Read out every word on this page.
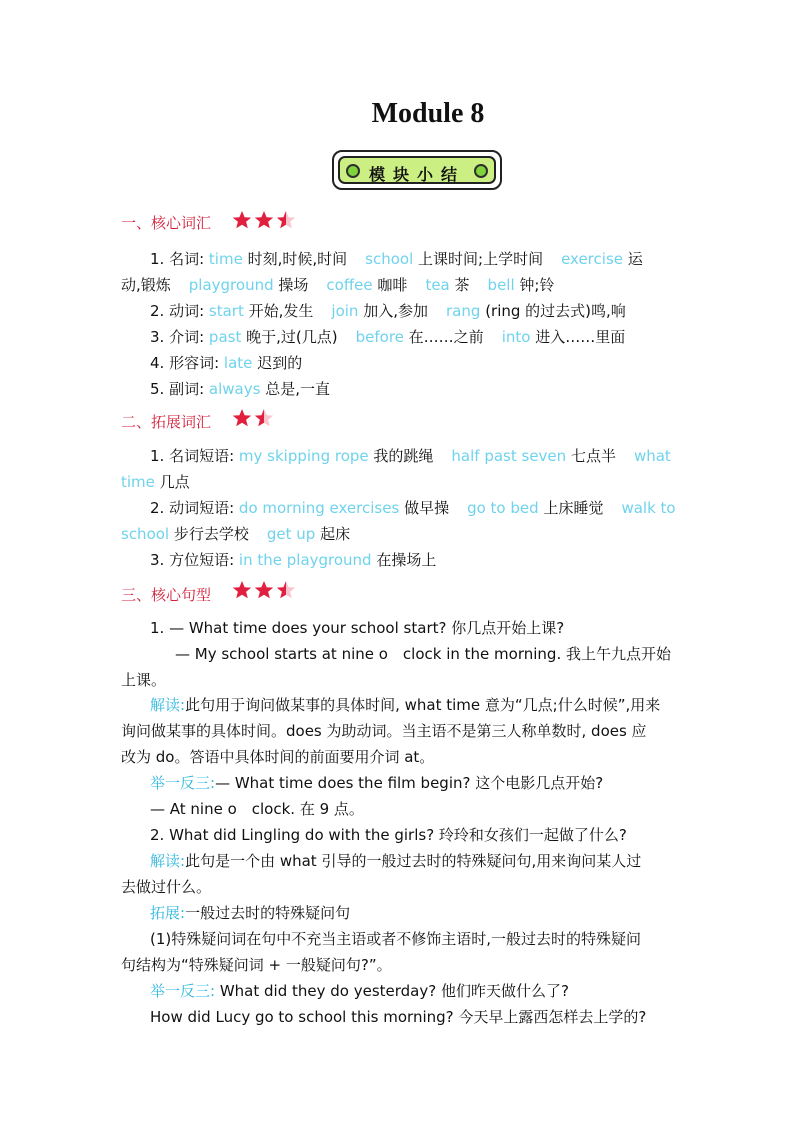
Module 8
模块小结
一、核心词汇
1. 名词: time 时刻,时候,时间 school 上课时间;上学时间 exercise 运
动,锻炼 playground 操场 coffee 咖啡 tea 茶 bell 钟;铃
2. 动词: start 开始,发生 join 加入,参加 rang (ring 的过去式)鸣,响
3. 介词: past 晚于,过(几点) before 在……之前 into 进入……里面
4. 形容词: late 迟到的
5. 副词: always 总是,一直
二、拓展词汇
1. 名词短语: my skipping rope 我的跳绳 half past seven 七点半 what
time 几点
2. 动词短语: do morning exercises 做早操 go to bed 上床睡觉 walk to
school 步行去学校 get up 起床
3. 方位短语: in the playground 在操场上
三、核心句型
1. — What time does your school start? 你几点开始上课?
— My school starts at nine o　clock in the morning. 我上午九点开始
上课。
解读:此句用于询问做某事的具体时间, what time 意为“几点;什么时候”,用来
询问做某事的具体时间。does 为助动词。当主语不是第三人称单数时, does 应
改为 do。答语中具体时间的前面要用介词 at。
举一反三:— What time does the film begin? 这个电影几点开始?
— At nine o　clock. 在 9 点。
2. What did Lingling do with the girls? 玲玲和女孩们一起做了什么?
解读:此句是一个由 what 引导的一般过去时的特殊疑问句,用来询问某人过
去做过什么。
拓展:一般过去时的特殊疑问句
(1)特殊疑问词在句中不充当主语或者不修饰主语时,一般过去时的特殊疑问
句结构为“特殊疑问词 + 一般疑问句?”。
举一反三: What did they do yesterday? 他们昨天做什么了?
How did Lucy go to school this morning? 今天早上露西怎样去上学的?
